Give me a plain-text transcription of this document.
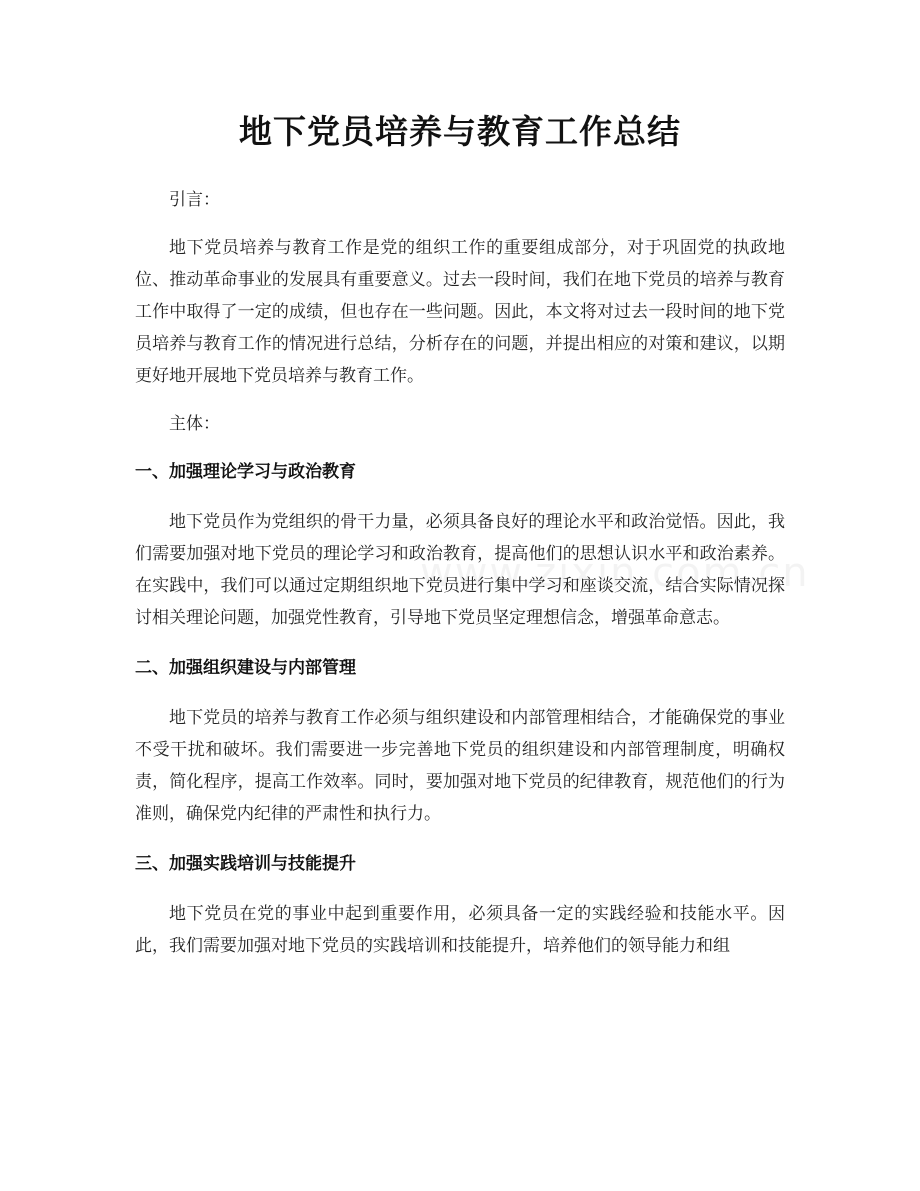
地下党员培养与教育工作总结

引言：

地下党员培养与教育工作是党的组织工作的重要组成部分，对于巩固党的执政地位、推动革命事业的发展具有重要意义。过去一段时间，我们在地下党员的培养与教育工作中取得了一定的成绩，但也存在一些问题。因此，本文将对过去一段时间的地下党员培养与教育工作的情况进行总结，分析存在的问题，并提出相应的对策和建议，以期更好地开展地下党员培养与教育工作。

主体：

一、加强理论学习与政治教育

地下党员作为党组织的骨干力量，必须具备良好的理论水平和政治觉悟。因此，我们需要加强对地下党员的理论学习和政治教育，提高他们的思想认识水平和政治素养。在实践中，我们可以通过定期组织地下党员进行集中学习和座谈交流，结合实际情况探讨相关理论问题，加强党性教育，引导地下党员坚定理想信念，增强革命意志。

二、加强组织建设与内部管理

地下党员的培养与教育工作必须与组织建设和内部管理相结合，才能确保党的事业不受干扰和破坏。我们需要进一步完善地下党员的组织建设和内部管理制度，明确权责，简化程序，提高工作效率。同时，要加强对地下党员的纪律教育，规范他们的行为准则，确保党内纪律的严肃性和执行力。

三、加强实践培训与技能提升

地下党员在党的事业中起到重要作用，必须具备一定的实践经验和技能水平。因此，我们需要加强对地下党员的实践培训和技能提升，培养他们的领导能力和组
